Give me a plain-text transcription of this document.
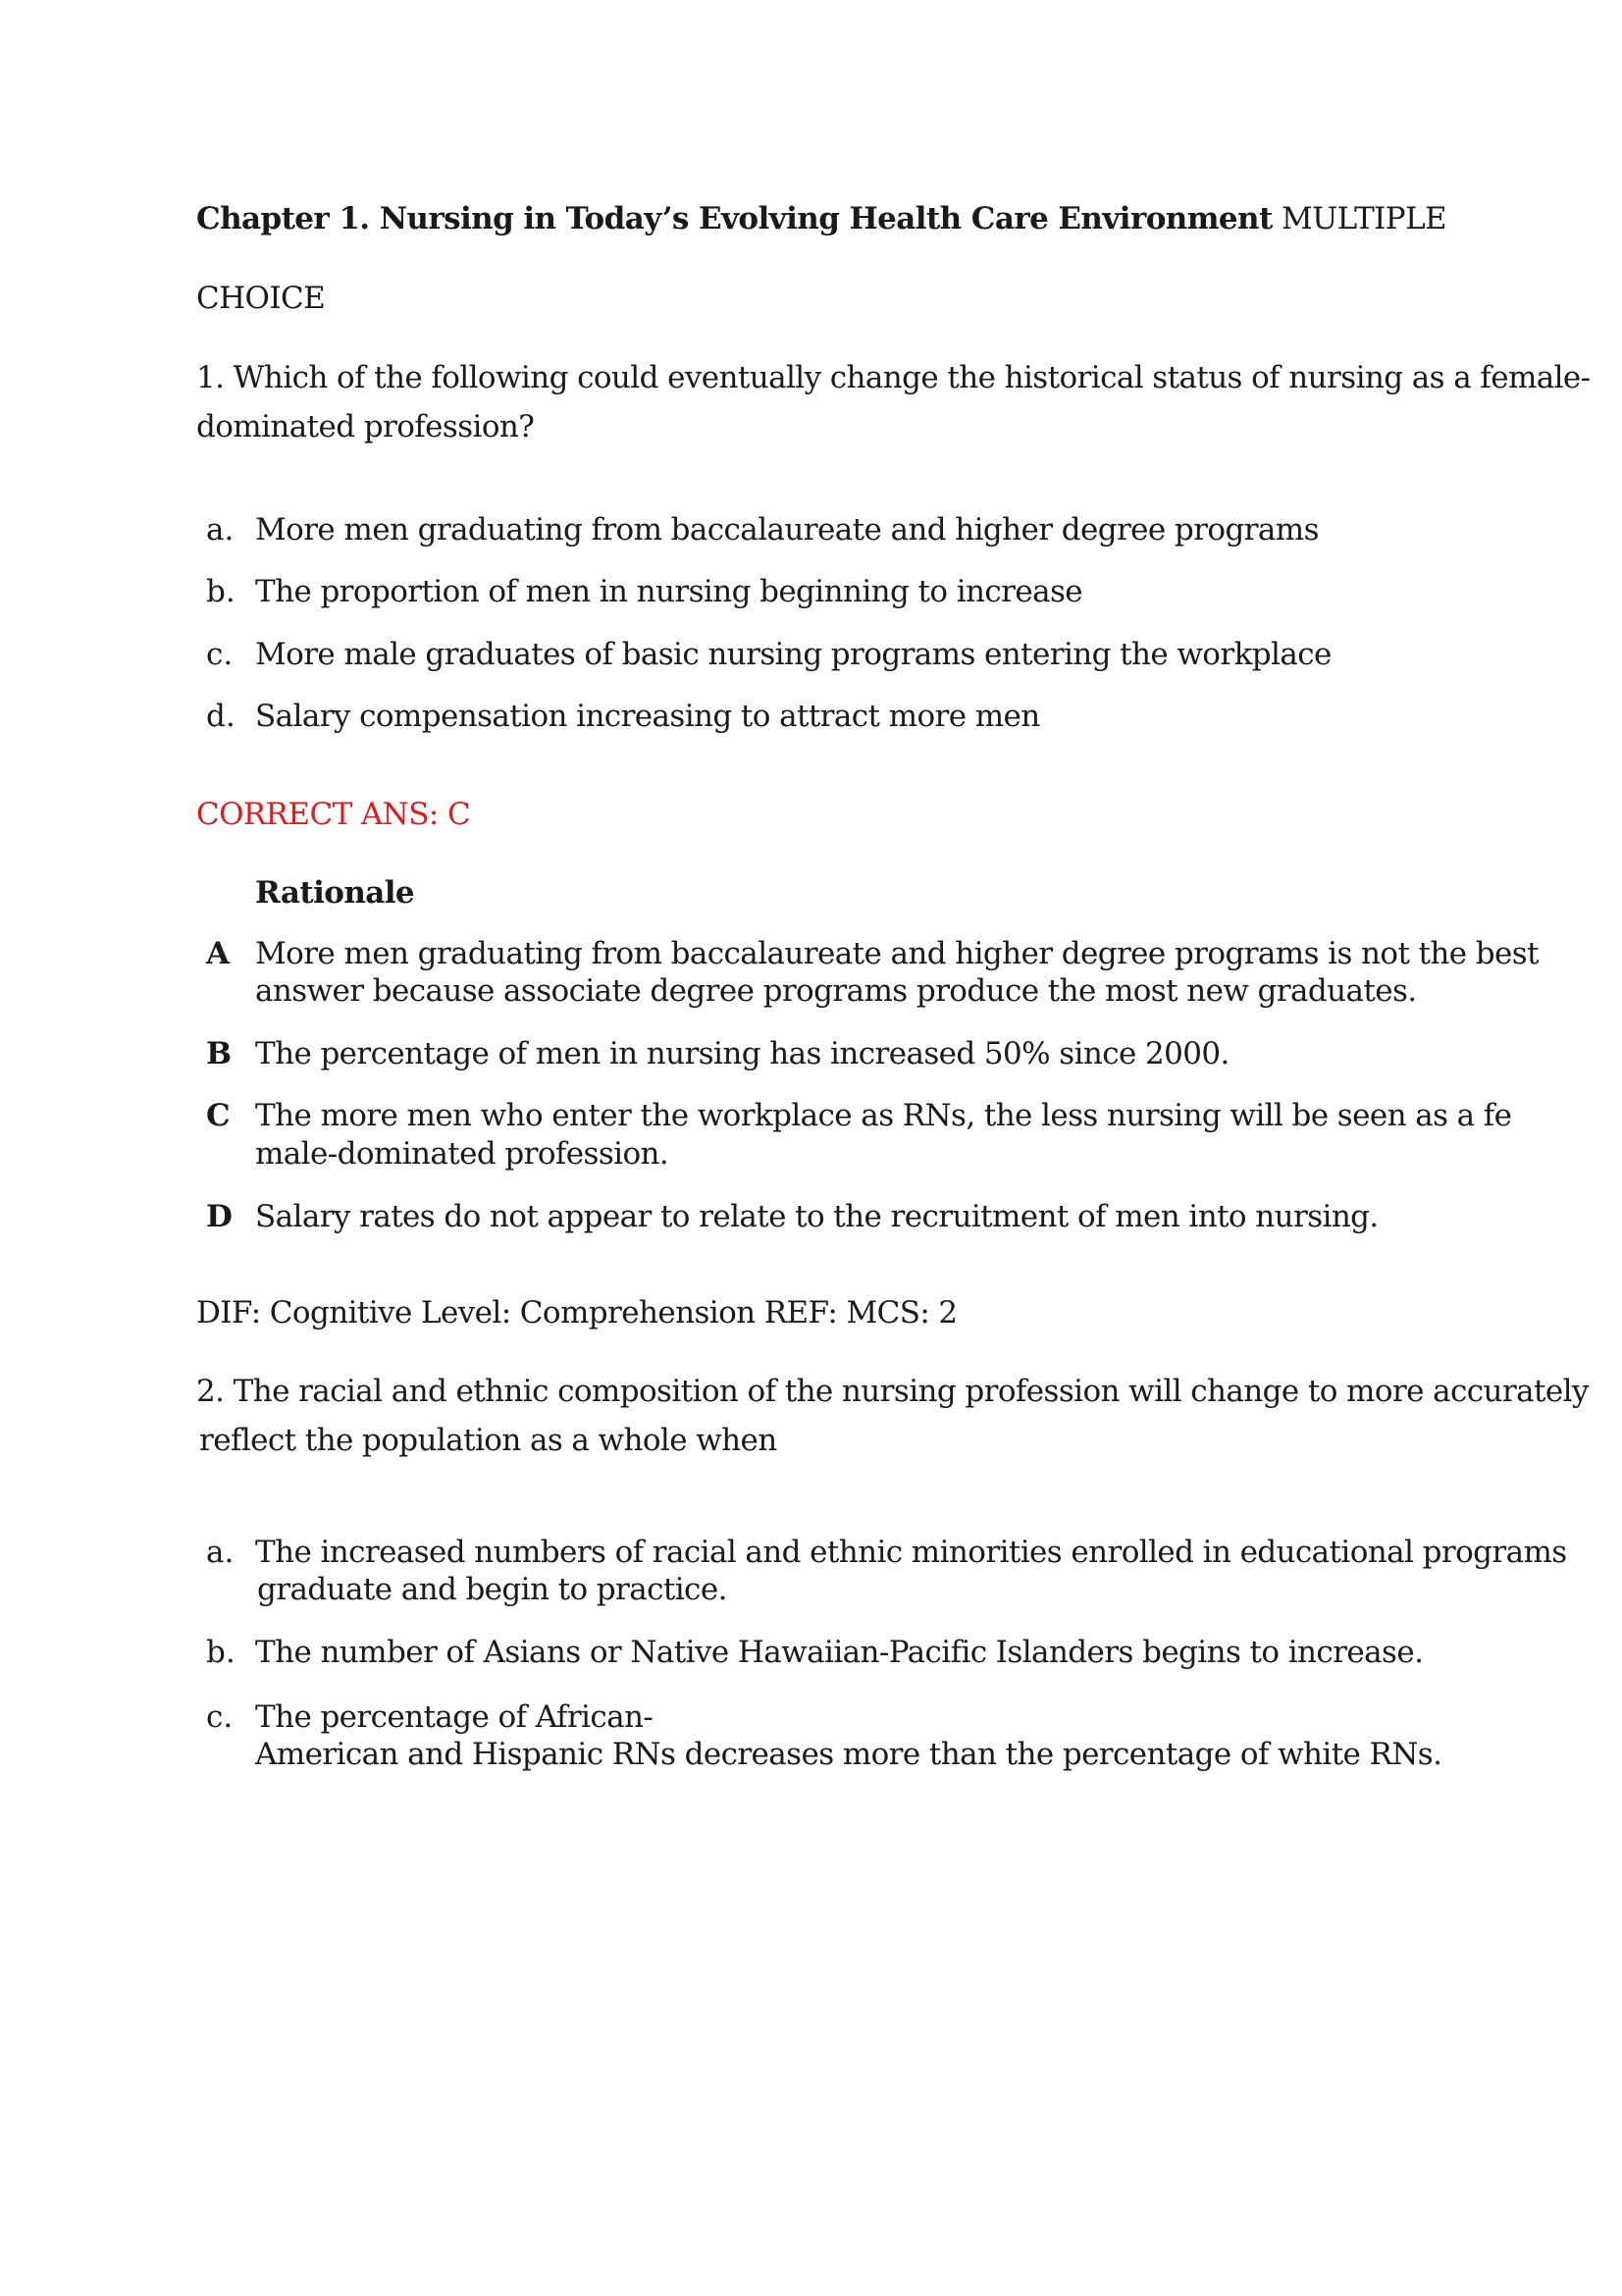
Chapter 1. Nursing in Today’s Evolving Health Care Environment MULTIPLE
CHOICE
1. Which of the following could eventually change the historical status of nursing as a female-
dominated profession?
a. More men graduating from baccalaureate and higher degree programs
b. The proportion of men in nursing beginning to increase
c. More male graduates of basic nursing programs entering the workplace
d. Salary compensation increasing to attract more men
CORRECT ANS: C
Rationale
A More men graduating from baccalaureate and higher degree programs is not the best
answer because associate degree programs produce the most new graduates.
B The percentage of men in nursing has increased 50% since 2000.
C The more men who enter the workplace as RNs, the less nursing will be seen as a fe
male-dominated profession.
D Salary rates do not appear to relate to the recruitment of men into nursing.
DIF: Cognitive Level: Comprehension REF: MCS: 2
2. The racial and ethnic composition of the nursing profession will change to more accurately
reflect the population as a whole when
a. The increased numbers of racial and ethnic minorities enrolled in educational programs
graduate and begin to practice.
b. The number of Asians or Native Hawaiian-Pacific Islanders begins to increase.
c. The percentage of African-
American and Hispanic RNs decreases more than the percentage of white RNs.
